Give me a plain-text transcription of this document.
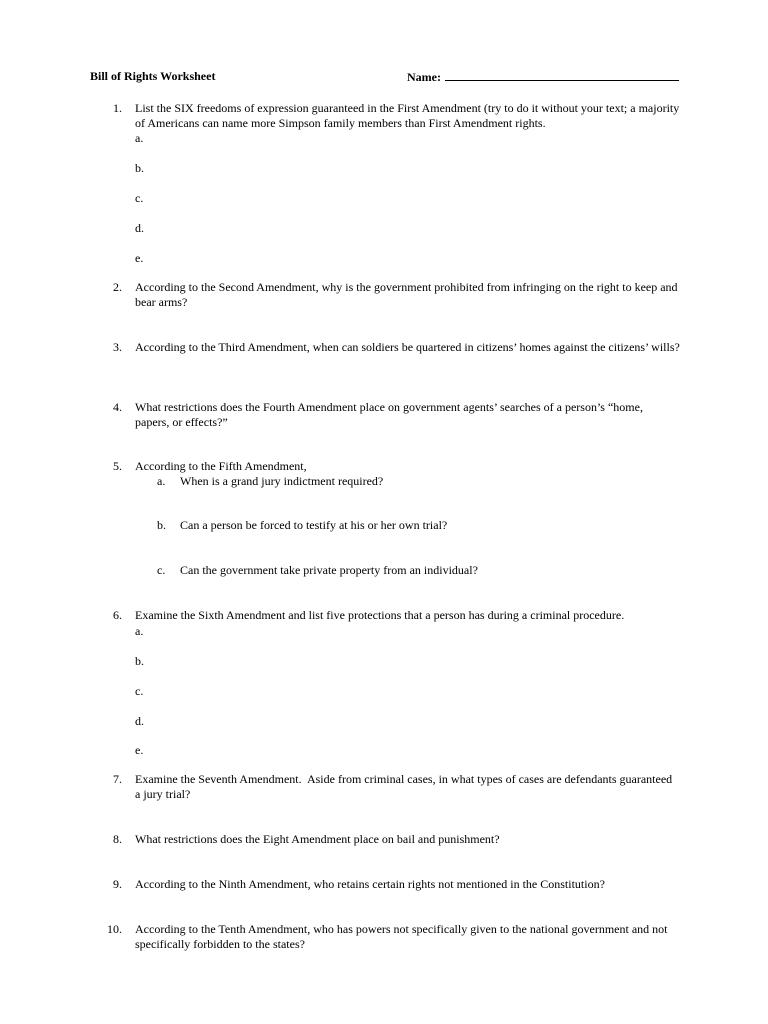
Bill of Rights Worksheet	Name:
1. List the SIX freedoms of expression guaranteed in the First Amendment (try to do it without your text; a majority of Americans can name more Simpson family members than First Amendment rights.
a.
b.
c.
d.
e.
2. According to the Second Amendment, why is the government prohibited from infringing on the right to keep and bear arms?
3. According to the Third Amendment, when can soldiers be quartered in citizens’ homes against the citizens’ wills?
4. What restrictions does the Fourth Amendment place on government agents’ searches of a person’s “home, papers, or effects?”
5. According to the Fifth Amendment,
a.	When is a grand jury indictment required?
b.	Can a person be forced to testify at his or her own trial?
c.	Can the government take private property from an individual?
6. Examine the Sixth Amendment and list five protections that a person has during a criminal procedure.
a.
b.
c.
d.
e.
7. Examine the Seventh Amendment.  Aside from criminal cases, in what types of cases are defendants guaranteed a jury trial?
8. What restrictions does the Eight Amendment place on bail and punishment?
9. According to the Ninth Amendment, who retains certain rights not mentioned in the Constitution?
10. According to the Tenth Amendment, who has powers not specifically given to the national government and not specifically forbidden to the states?
